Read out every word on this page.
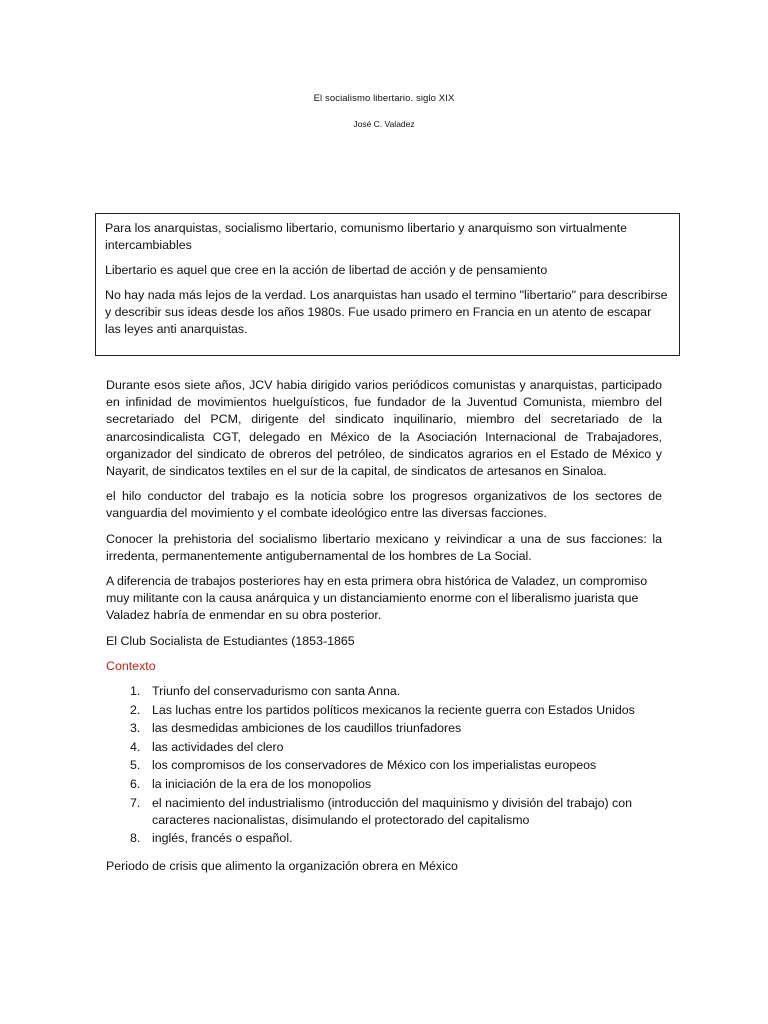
El socialismo libertario. siglo XIX
José C. Valadez

Para los anarquistas, socialismo libertario, comunismo libertario y anarquismo son virtualmente intercambiables

Libertario es aquel que cree en la acción de libertad de acción y de pensamiento

No hay nada más lejos de la verdad. Los anarquistas han usado el termino "libertario" para describirse y describir sus ideas desde los años 1980s. Fue usado primero en Francia en un atento de escapar las leyes anti anarquistas.

Durante esos siete años, JCV habia dirigido varios periódicos comunistas y anarquistas, participado en infinidad de movimientos huelguísticos, fue fundador de la Juventud Comunista, miembro del secretariado del PCM, dirigente del sindicato inquilinario, miembro del secretariado de la anarcosindicalista CGT, delegado en México de la Asociación Internacional de Trabajadores, organizador del sindicato de obreros del petróleo, de sindicatos agrarios en el Estado de México y Nayarit, de sindicatos textiles en el sur de la capital, de sindicatos de artesanos en Sinaloa.

el hilo conductor del trabajo es la noticia sobre los progresos organizativos de los sectores de vanguardia del movimiento y el combate ideológico entre las diversas facciones.

Conocer la prehistoria del socialismo libertario mexicano y reivindicar a una de sus facciones: la irredenta, permanentemente antigubernamental de los hombres de La Social.

A diferencia de trabajos posteriores hay en esta primera obra histórica de Valadez, un compromiso muy militante con la causa anárquica y un distanciamiento enorme con el liberalismo juarista que Valadez habría de enmendar en su obra posterior.

El Club Socialista de Estudiantes (1853-1865

Contexto

1. Triunfo del conservadurismo con santa Anna.
2. Las luchas entre los partidos políticos mexicanos la reciente guerra con Estados Unidos
3. las desmedidas ambiciones de los caudillos triunfadores
4. las actividades del clero
5. los compromisos de los conservadores de México con los imperialistas europeos
6. la iniciación de la era de los monopolios
7. el nacimiento del industrialismo (introducción del maquinismo y división del trabajo) con caracteres nacionalistas, disimulando el protectorado del capitalismo
8. inglés, francés o español.

Periodo de crisis que alimento la organización obrera en México
